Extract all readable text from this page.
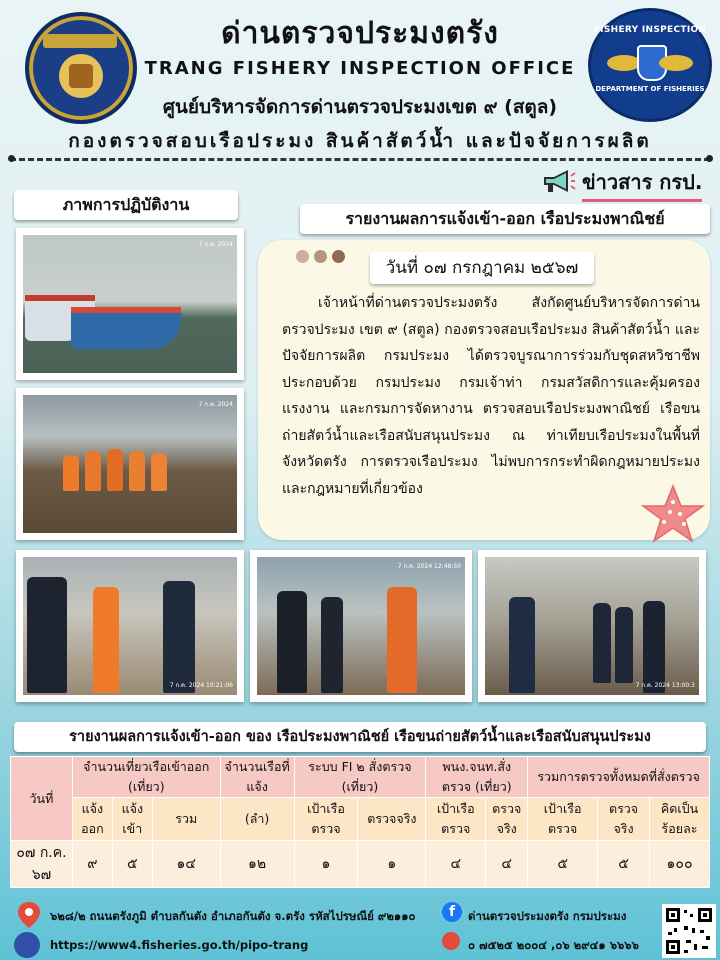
FISHERY INSPECTION
DEPARTMENT OF FISHERIES
ด่านตรวจประมงตรัง
TRANG FISHERY INSPECTION OFFICE
ศูนย์บริหารจัดการด่านตรวจประมงเขต ๙ (สตูล)
กองตรวจสอบเรือประมง สินค้าสัตว์น้ำ และปัจจัยการผลิต
ข่าวสาร กรป.
ภาพการปฏิบัติงาน
รายงานผลการแจ้งเข้า-ออก เรือประมงพาณิชย์
7 ก.ค. 2024
7 ก.ค. 2024
7 ก.ค. 2024 10:21:06
7 ก.ค. 2024 12:48:50
7 ก.ค. 2024 13:00:3
วันที่ ๐๗ กรกฎาคม ๒๕๖๗
เจ้าหน้าที่ด่านตรวจประมงตรัง สังกัดศูนย์บริหารจัดการด่านตรวจประมง เขต ๙ (สตูล) กองตรวจสอบเรือประมง สินค้าสัตว์น้ำ และปัจจัยการผลิต กรมประมง ได้ตรวจบูรณาการร่วมกับชุดสหวิชาชีพ ประกอบด้วย กรมประมง กรมเจ้าท่า กรมสวัสดิการและคุ้มครองแรงงาน และกรมการจัดหางาน ตรวจสอบเรือประมงพาณิชย์ เรือขนถ่ายสัตว์น้ำและเรือสนับสนุนประมง ณ ท่าเทียบเรือประมงในพื้นที่จังหวัดตรัง การตรวจเรือประมง ไม่พบการกระทำผิดกฎหมายประมงและกฎหมายที่เกี่ยวข้อง
รายงานผลการแจ้งเข้า-ออก ของ เรือประมงพาณิชย์ เรือขนถ่ายสัตว์น้ำและเรือสนับสนุนประมง
วันที่	จำนวนเที่ยวเรือเข้าออก (เที่ยว)			จำนวนเรือที่แจ้ง	ระบบ FI ๒ สั่งตรวจ (เที่ยว)		พนง.จนท.สั่งตรวจ (เที่ยว)		รวมการตรวจทั้งหมดที่สั่งตรวจ		
	แจ้งออก	แจ้งเข้า	รวม	(ลำ)	เป้าเรือตรวจ	ตรวจจริง	เป้าเรือตรวจ	ตรวจจริง	เป้าเรือตรวจ	ตรวจจริง	คิดเป็นร้อยละ
๐๗ ก.ค. ๖๗	๙	๕	๑๔	๑๒	๑	๑	๔	๔	๕	๕	๑๐๐
๖๒๘/๒ ถนนตรังภูมิ ตำบลกันตัง อำเภอกันตัง จ.ตรัง รหัสไปรษณีย์ ๙๒๑๑๐
https://www4.fisheries.go.th/pipo-trang
f	ด่านตรวจประมงตรัง กรมประมง
๐ ๗๕๒๕ ๒๐๐๔ ,๐๖ ๒๙๔๑ ๖๖๖๖
